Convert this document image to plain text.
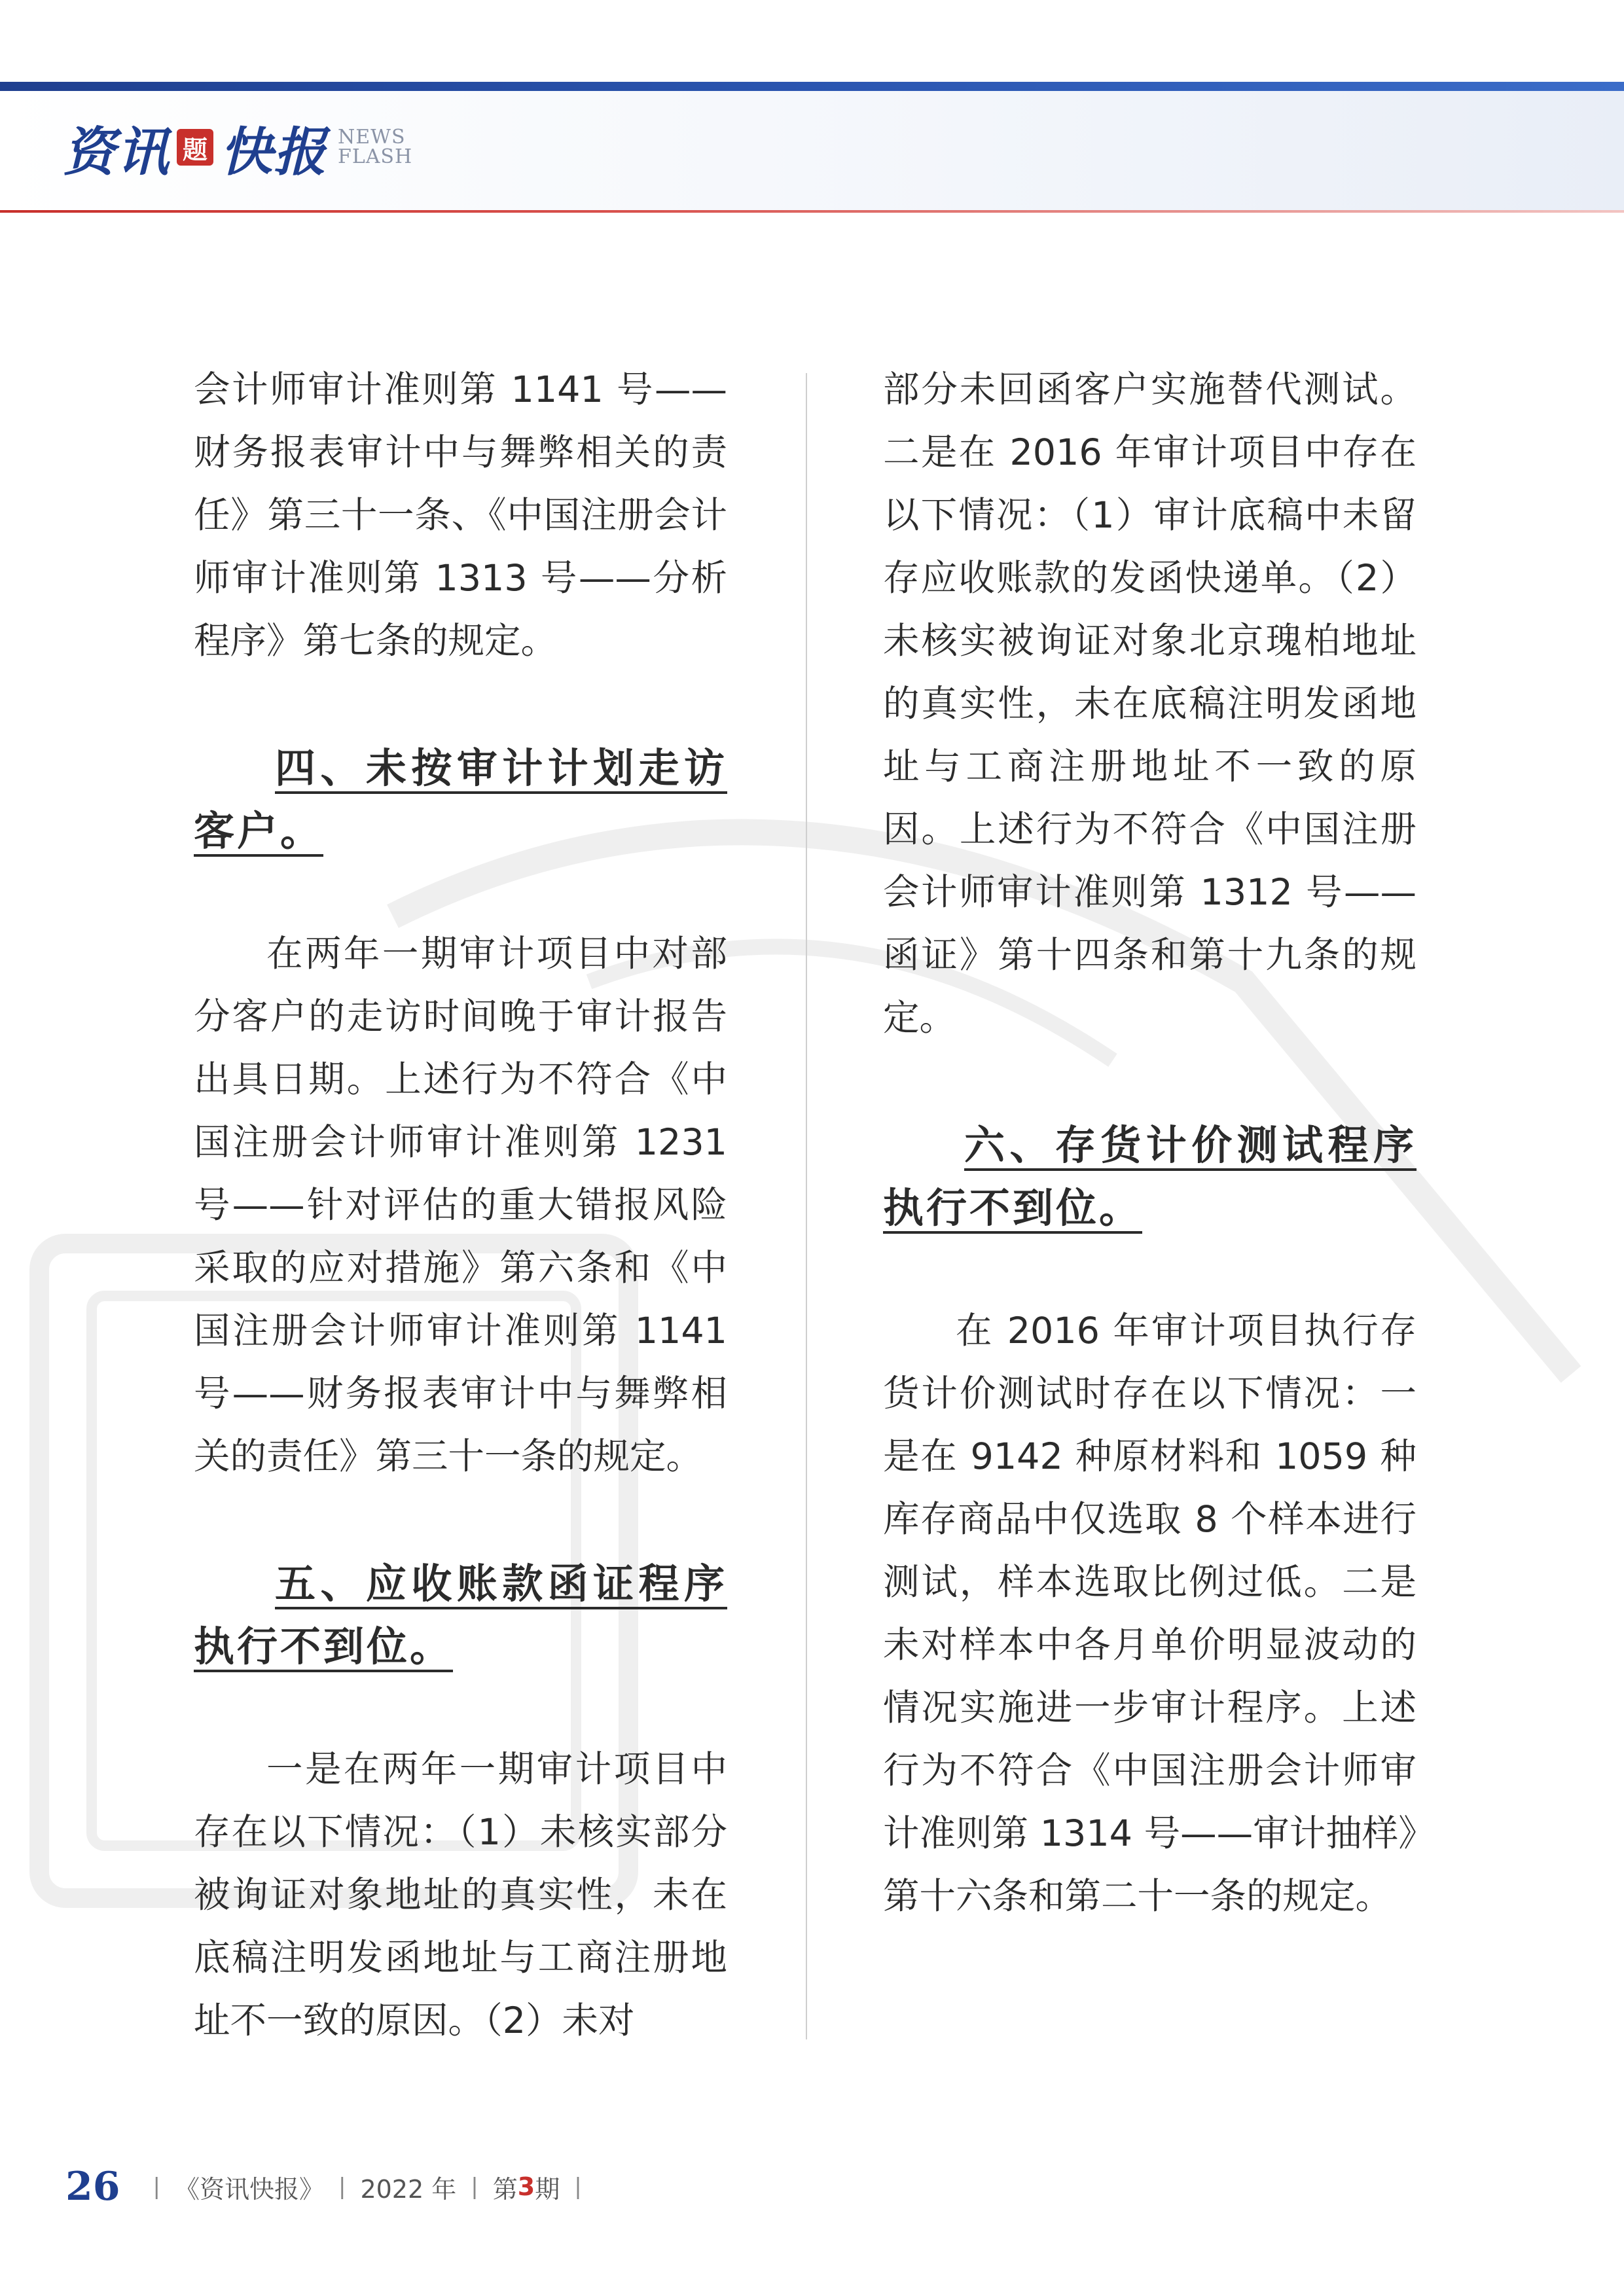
资讯 题 快报 NEWS
FLASH

会计师审计准则第 1141 号——财务报表审计中与舞弊相关的责任》第三十一条、《中国注册会计师审计准则第 1313 号——分析程序》第七条的规定。

四、未按审计计划走访客户。

在两年一期审计项目中对部分客户的走访时间晚于审计报告出具日期。上述行为不符合《中国注册会计师审计准则第 1231 号——针对评估的重大错报风险采取的应对措施》第六条和《中国注册会计师审计准则第 1141 号——财务报表审计中与舞弊相关的责任》第三十一条的规定。

五、应收账款函证程序执行不到位。

一是在两年一期审计项目中存在以下情况：（1）未核实部分被询证对象地址的真实性，未在底稿注明发函地址与工商注册地址不一致的原因。（2）未对

部分未回函客户实施替代测试。二是在 2016 年审计项目中存在以下情况：（1）审计底稿中未留存应收账款的发函快递单。（2）未核实被询证对象北京瑰柏地址的真实性，未在底稿注明发函地址与工商注册地址不一致的原因。上述行为不符合《中国注册会计师审计准则第 1312 号——函证》第十四条和第十九条的规定。

六、存货计价测试程序执行不到位。

在 2016 年审计项目执行存货计价测试时存在以下情况：一是在 9142 种原材料和 1059 种库存商品中仅选取 8 个样本进行测试，样本选取比例过低。二是未对样本中各月单价明显波动的情况实施进一步审计程序。上述行为不符合《中国注册会计师审计准则第 1314 号——审计抽样》第十六条和第二十一条的规定。

26 | 《资讯快报》 | 2022 年 | 第 3 期 |
